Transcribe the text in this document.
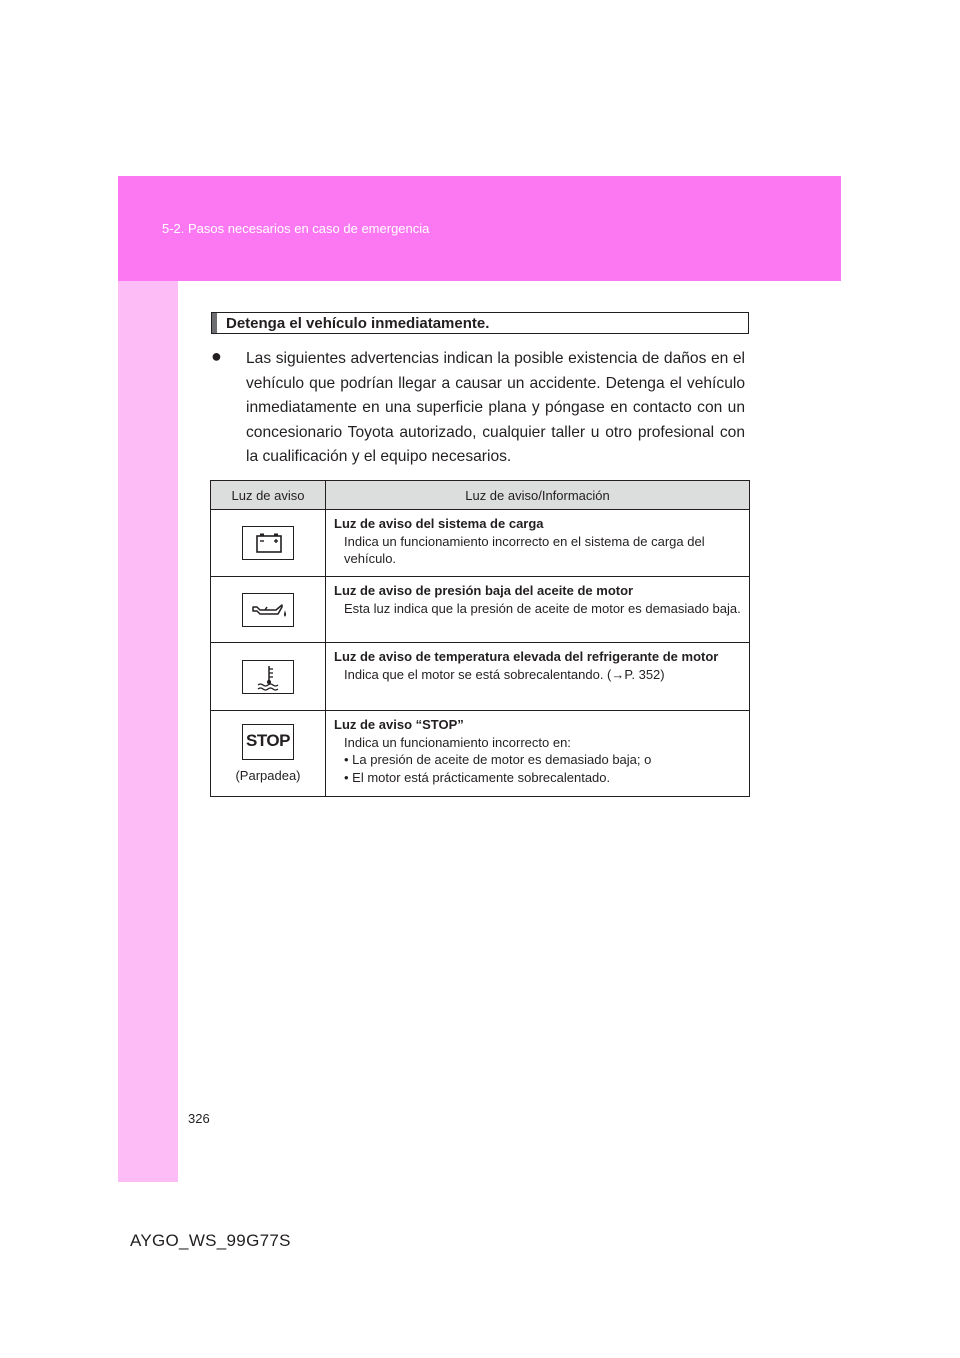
5-2. Pasos necesarios en caso de emergencia
Detenga el vehículo inmediatamente.
● Las siguientes advertencias indican la posible existencia de daños en el vehículo que podrían llegar a causar un accidente. Detenga el vehículo inmediatamente en una superficie plana y póngase en contacto con un concesionario Toyota autorizado, cualquier taller u otro profesional con la cualificación y el equipo necesarios.

Luz de aviso	Luz de aviso/Información

Luz de aviso del sistema de carga
Indica un funcionamiento incorrecto en el sistema de carga del vehículo.

Luz de aviso de presión baja del aceite de motor
Esta luz indica que la presión de aceite de motor es demasiado baja.

Luz de aviso de temperatura elevada del refrigerante de motor
Indica que el motor se está sobrecalentando. (→P. 352)

STOP
(Parpadea)	Luz de aviso “STOP”
Indica un funcionamiento incorrecto en:
• La presión de aceite de motor es demasiado baja; o
• El motor está prácticamente sobrecalentado.
326
AYGO_WS_99G77S
